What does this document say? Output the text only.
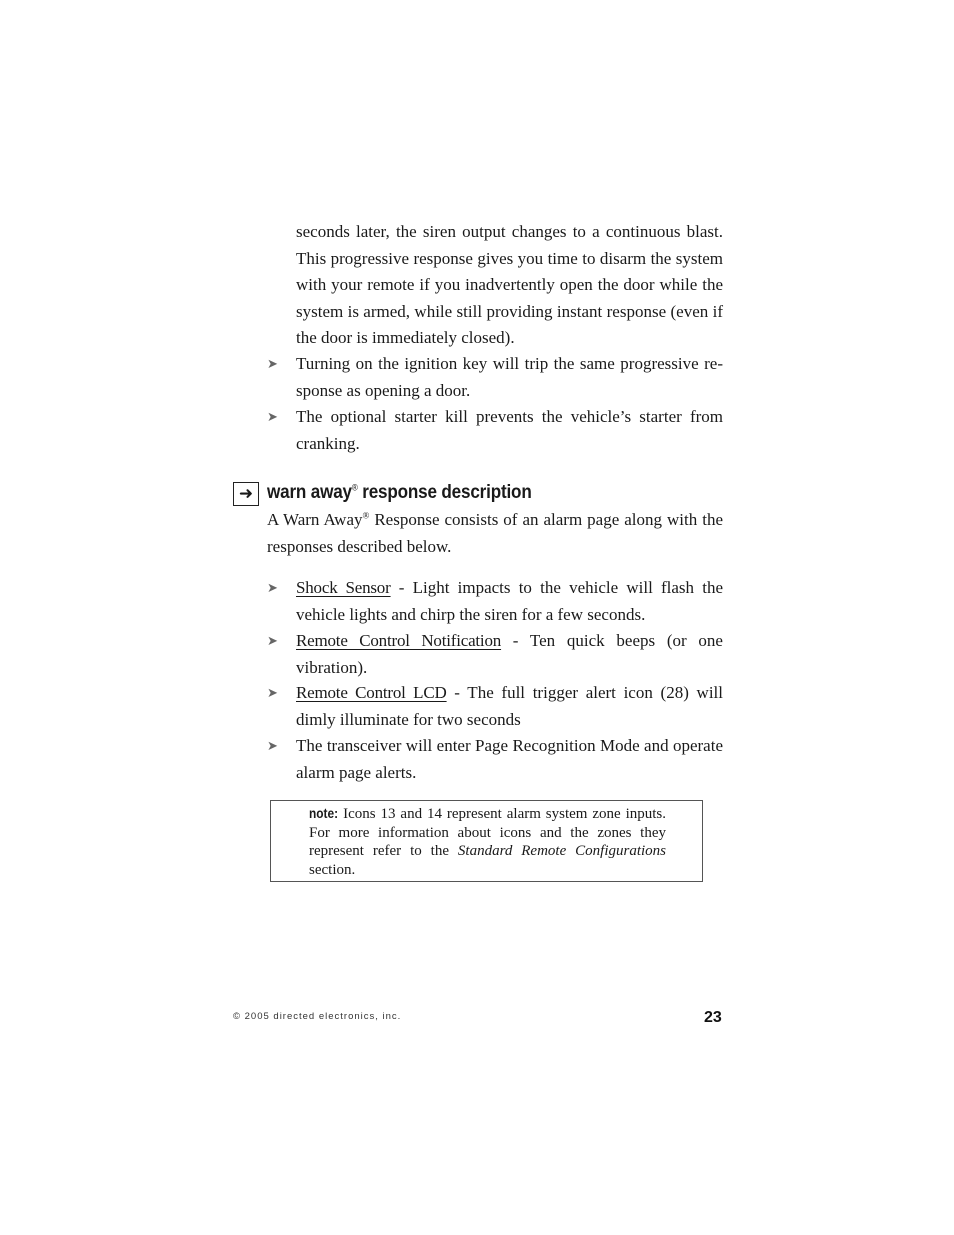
seconds later, the siren output changes to a continuous blast. This progressive response gives you time to disarm the system with your remote if you inadvertently open the door while the system is armed, while still providing instant response (even if the door is immediately closed).

➤	Turning on the ignition key will trip the same progressive re-sponse as opening a door.

➤	The optional starter kill prevents the vehicle’s starter from cranking.

➜ warn away® response description

A Warn Away® Response consists of an alarm page along with the responses described below.

➤	Shock Sensor - Light impacts to the vehicle will flash the vehicle lights and chirp the siren for a few seconds.

➤	Remote Control Notification - Ten quick beeps (or one vibration).

➤	Remote Control LCD - The full trigger alert icon (28) will dimly illuminate for two seconds

➤	The transceiver will enter Page Recognition Mode and operate alarm page alerts.

note: Icons 13 and 14 represent alarm system zone inputs. For more information about icons and the zones they represent refer to the Standard Remote Configurations section.

© 2005 directed electronics, inc.	23
